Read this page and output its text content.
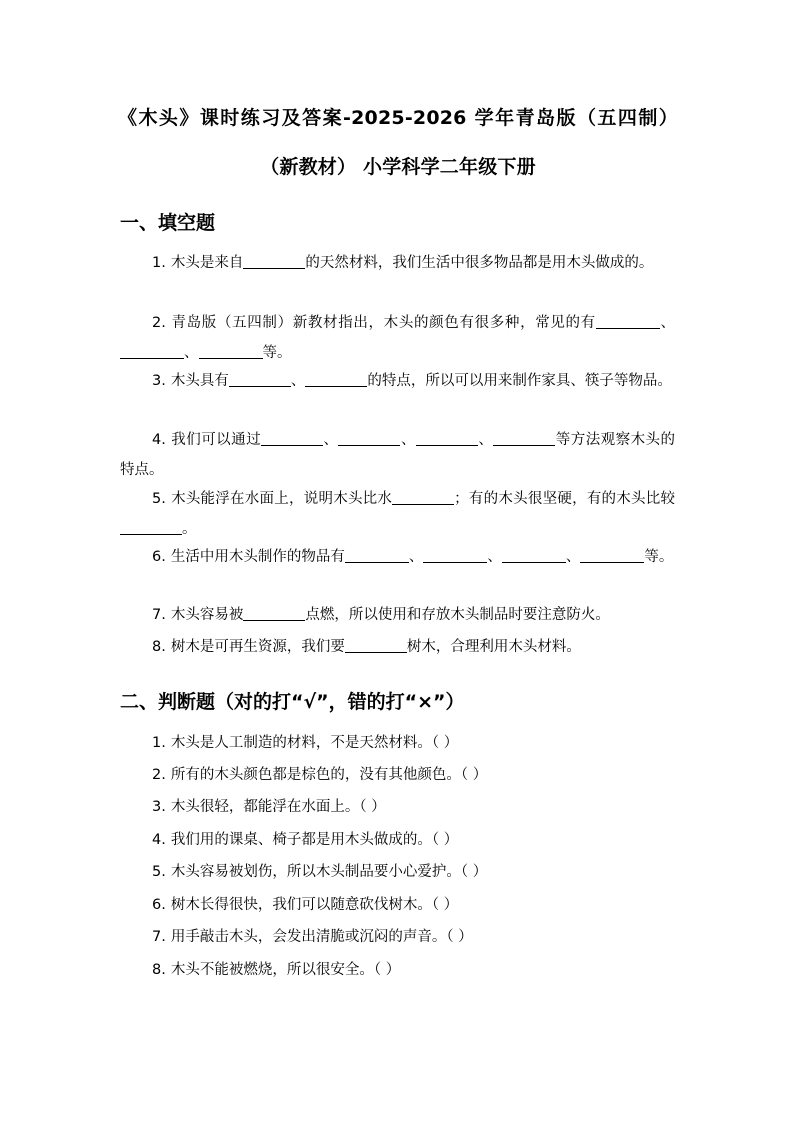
《木头》课时练习及答案-2025-2026 学年青岛版（五四制）（新教材） 小学科学二年级下册
一、填空题
1. 木头是来自	的天然材料，我们生活中很多物品都是用木头做成的。
2. 青岛版（五四制）新教材指出，木头的颜色有很多种，常见的有	、、	等。
3. 木头具有	、	的特点，所以可以用来制作家具、筷子等物品。
4. 我们可以通过	、	、	、	等方法观察木头的特点。
5. 木头能浮在水面上，说明木头比水	；有的木头很坚硬，有的木头比较。
6. 生活中用木头制作的物品有	、	、	、	等。
7. 木头容易被	点燃，所以使用和存放木头制品时要注意防火。
8. 树木是可再生资源，我们要	树木，合理利用木头材料。
二、判断题（对的打“√”，错的打“×”）
1. 木头是人工制造的材料，不是天然材料。（ ）
2. 所有的木头颜色都是棕色的，没有其他颜色。（ ）
3. 木头很轻，都能浮在水面上。（ ）
4. 我们用的课桌、椅子都是用木头做成的。（ ）
5. 木头容易被划伤，所以木头制品要小心爱护。（ ）
6. 树木长得很快，我们可以随意砍伐树木。（ ）
7. 用手敲击木头，会发出清脆或沉闷的声音。（ ）
8. 木头不能被燃烧，所以很安全。（ ）
